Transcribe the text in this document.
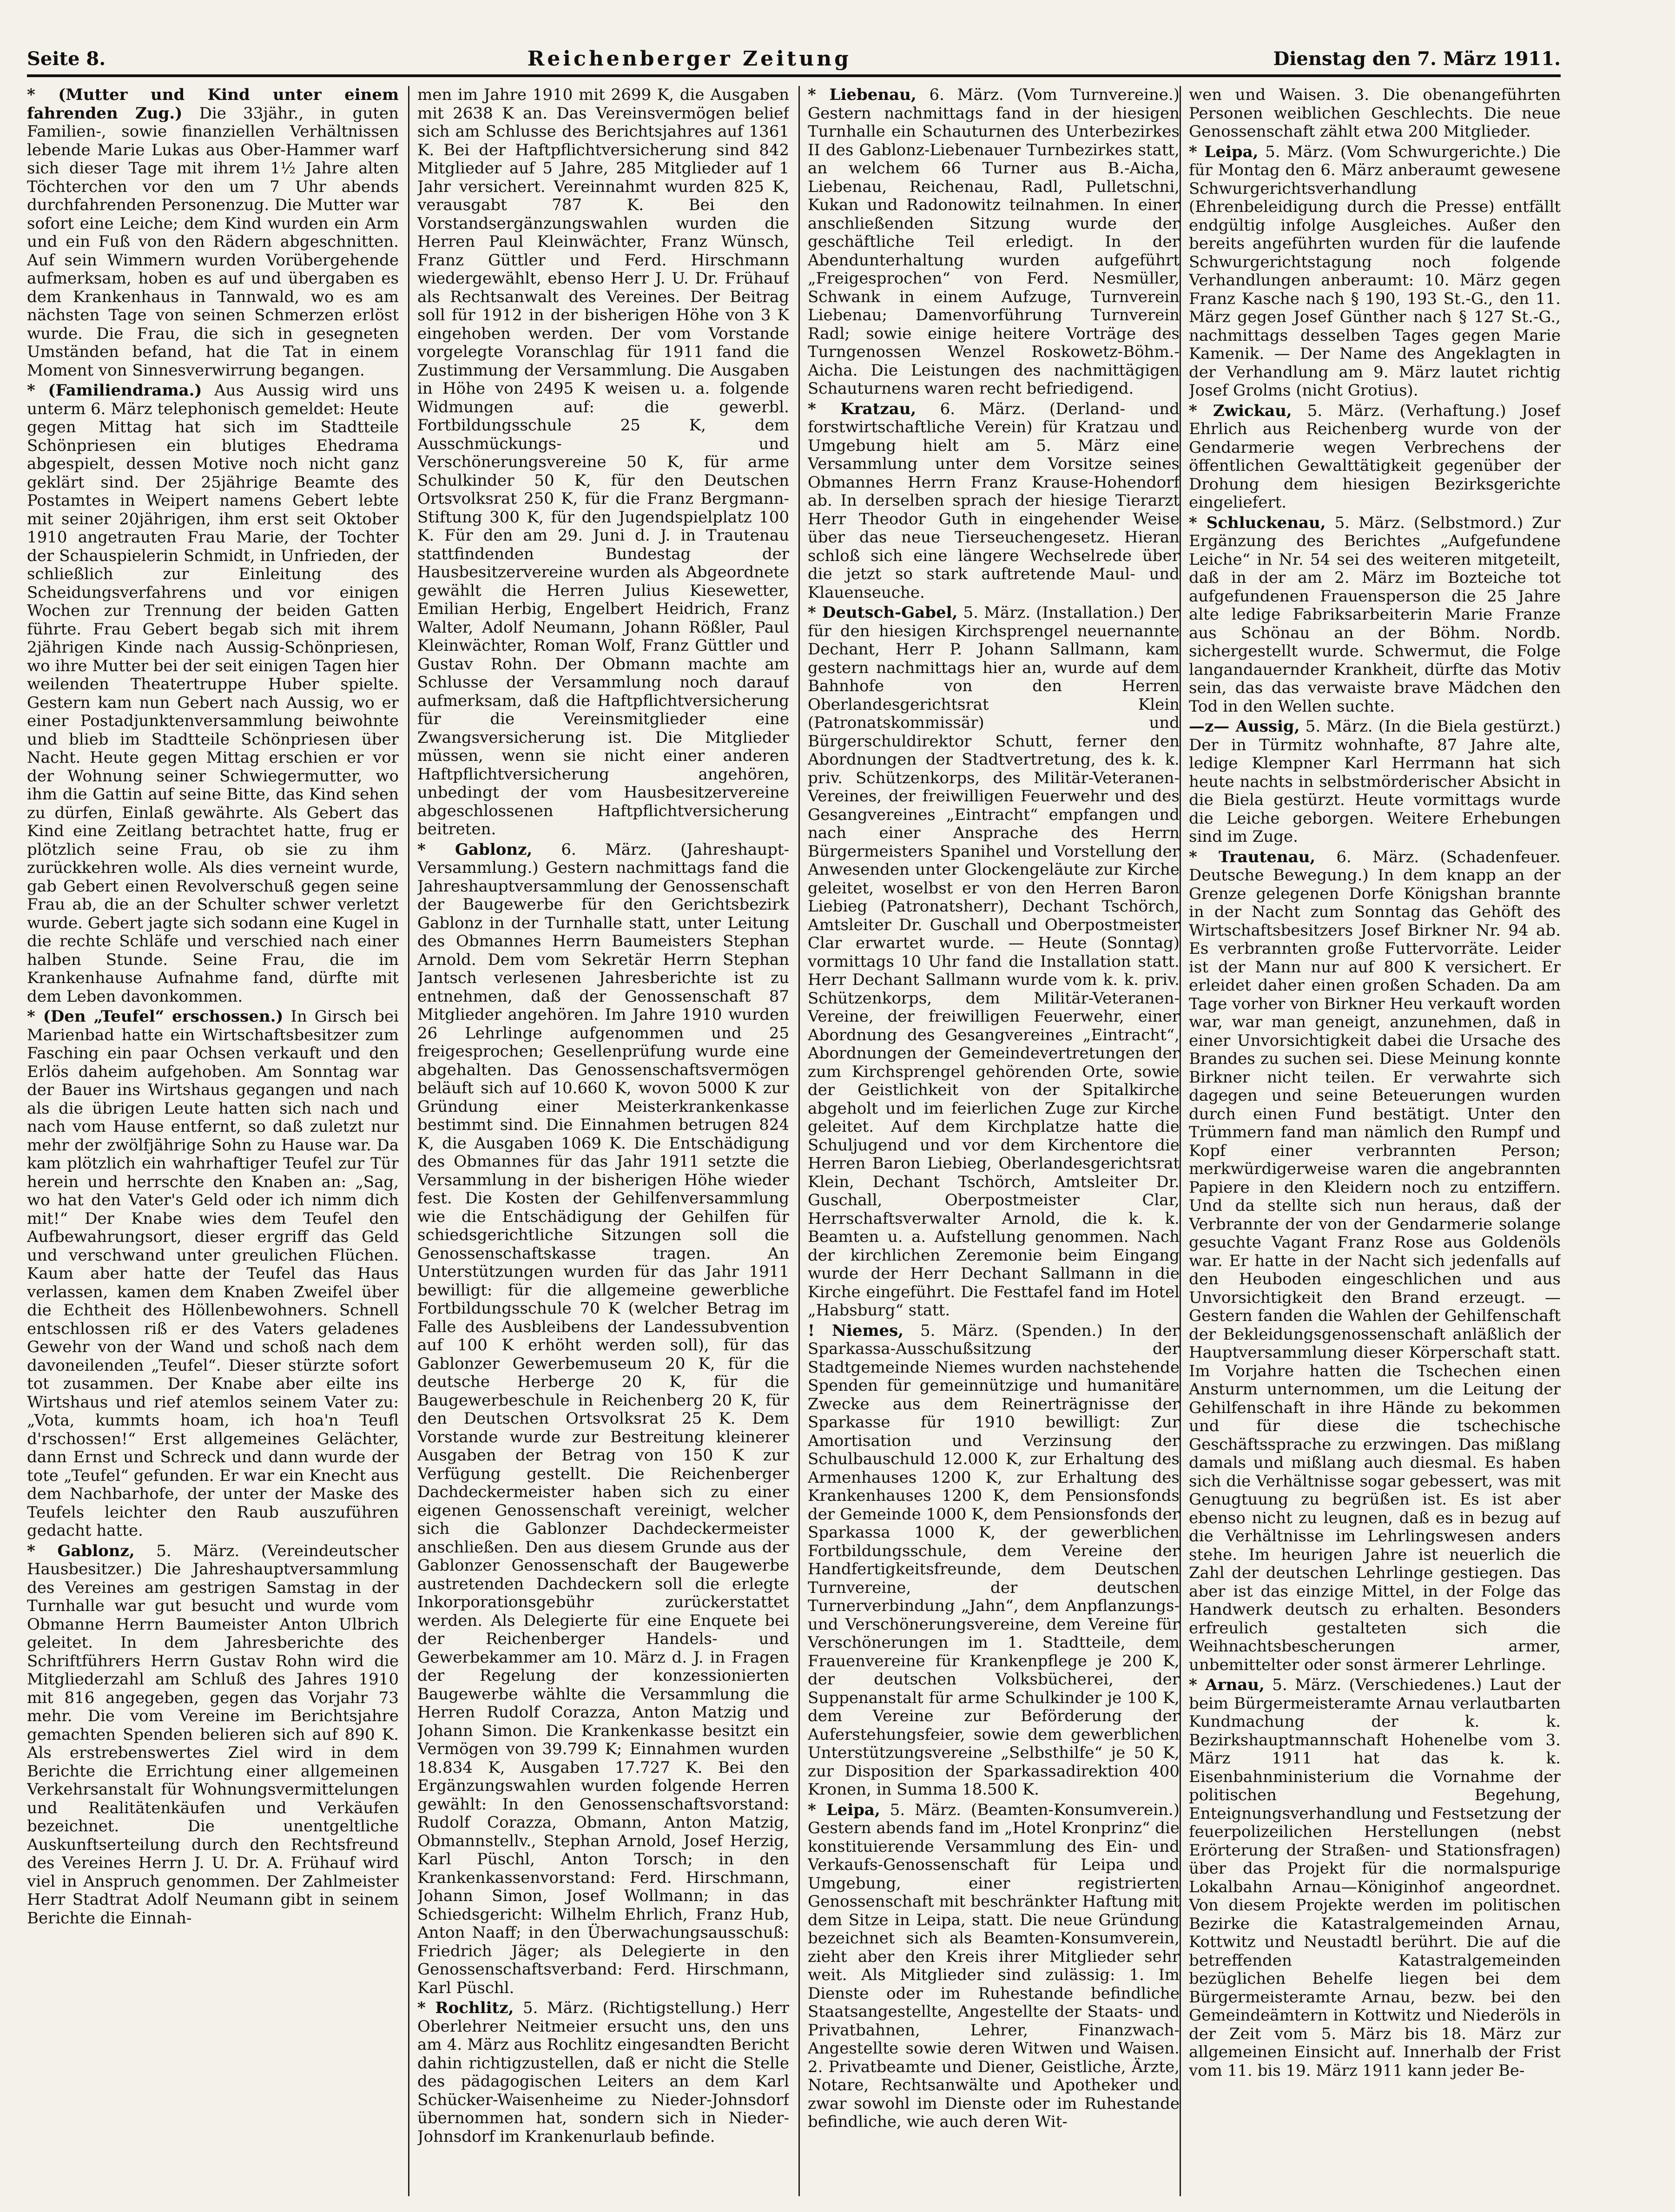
Seite 8.	Reichenberger Zeitung	Dienstag den 7. März 1911.

* (Mutter und Kind unter einem fahrenden Zug.) Die 33jähr., in guten Familien-, sowie finanziellen Verhältnissen lebende Marie Lukas aus Ober-Hammer warf sich dieser Tage mit ihrem 1½ Jahre alten Töchterchen vor den um 7 Uhr abends durchfahrenden Personenzug. Die Mutter war sofort eine Leiche; dem Kind wurden ein Arm und ein Fuß von den Rädern abgeschnitten. Auf sein Wimmern wurden Vorübergehende aufmerksam, hoben es auf und übergaben es dem Krankenhaus in Tannwald, wo es am nächsten Tage von seinen Schmerzen erlöst wurde. Die Frau, die sich in gesegneten Umständen befand, hat die Tat in einem Moment von Sinnesverwirrung begangen.

* (Familiendrama.) Aus Aussig wird uns unterm 6. März telephonisch gemeldet: Heute gegen Mittag hat sich im Stadtteile Schönpriesen ein blutiges Ehedrama abgespielt, dessen Motive noch nicht ganz geklärt sind. Der 25jährige Beamte des Postamtes in Weipert namens Gebert lebte mit seiner 20jährigen, ihm erst seit Oktober 1910 angetrauten Frau Marie, der Tochter der Schauspielerin Schmidt, in Unfrieden, der schließlich zur Einleitung des Scheidungsverfahrens und vor einigen Wochen zur Trennung der beiden Gatten führte. Frau Gebert begab sich mit ihrem 2jährigen Kinde nach Aussig-Schönpriesen, wo ihre Mutter bei der seit einigen Tagen hier weilenden Theatertruppe Huber spielte. Gestern kam nun Gebert nach Aussig, wo er einer Postadjunktenversammlung beiwohnte und blieb im Stadtteile Schönpriesen über Nacht. Heute gegen Mittag erschien er vor der Wohnung seiner Schwiegermutter, wo ihm die Gattin auf seine Bitte, das Kind sehen zu dürfen, Einlaß gewährte. Als Gebert das Kind eine Zeitlang betrachtet hatte, frug er plötzlich seine Frau, ob sie zu ihm zurückkehren wolle. Als dies verneint wurde, gab Gebert einen Revolverschuß gegen seine Frau ab, die an der Schulter schwer verletzt wurde. Gebert jagte sich sodann eine Kugel in die rechte Schläfe und verschied nach einer halben Stunde. Seine Frau, die im Krankenhause Aufnahme fand, dürfte mit dem Leben davonkommen.

* (Den „Teufel“ erschossen.) In Girsch bei Marienbad hatte ein Wirtschaftsbesitzer zum Fasching ein paar Ochsen verkauft und den Erlös daheim aufgehoben. Am Sonntag war der Bauer ins Wirtshaus gegangen und nach als die übrigen Leute hatten sich nach und nach vom Hause entfernt, so daß zuletzt nur mehr der zwölfjährige Sohn zu Hause war. Da kam plötzlich ein wahrhaftiger Teufel zur Tür herein und herrschte den Knaben an: „Sag, wo hat den Vater's Geld oder ich nimm dich mit!“ Der Knabe wies dem Teufel den Aufbewahrungsort, dieser ergriff das Geld und verschwand unter greulichen Flüchen. Kaum aber hatte der Teufel das Haus verlassen, kamen dem Knaben Zweifel über die Echtheit des Höllenbewohners. Schnell entschlossen riß er des Vaters geladenes Gewehr von der Wand und schoß nach dem davoneilenden „Teufel“. Dieser stürzte sofort tot zusammen. Der Knabe aber eilte ins Wirtshaus und rief atemlos seinem Vater zu: „Vota, kummts hoam, ich hoa'n Teufl d'rschossen!“ Erst allgemeines Gelächter, dann Ernst und Schreck und dann wurde der tote „Teufel“ gefunden. Er war ein Knecht aus dem Nachbarhofe, der unter der Maske des Teufels leichter den Raub auszuführen gedacht hatte.

* Gablonz, 5. März. (Vereindeutscher Hausbesitzer.) Die Jahreshauptversammlung des Vereines am gestrigen Samstag in der Turnhalle war gut besucht und wurde vom Obmanne Herrn Baumeister Anton Ulbrich geleitet. In dem Jahresberichte des Schriftführers Herrn Gustav Rohn wird die Mitgliederzahl am Schluß des Jahres 1910 mit 816 angegeben, gegen das Vorjahr 73 mehr. Die vom Vereine im Berichtsjahre gemachten Spenden belieren sich auf 890 K. Als erstrebenswertes Ziel wird in dem Berichte die Errichtung einer allgemeinen Verkehrsanstalt für Wohnungsvermittelungen und Realitätenkäufen und Verkäufen bezeichnet. Die unentgeltliche Auskunftserteilung durch den Rechtsfreund des Vereines Herrn J. U. Dr. A. Frühauf wird viel in Anspruch genommen. Der Zahlmeister Herr Stadtrat Adolf Neumann gibt in seinem Berichte die Einnah-

men im Jahre 1910 mit 2699 K, die Ausgaben mit 2638 K an. Das Vereinsvermögen belief sich am Schlusse des Berichtsjahres auf 1361 K. Bei der Haftpflichtversicherung sind 842 Mitglieder auf 5 Jahre, 285 Mitglieder auf 1 Jahr versichert. Vereinnahmt wurden 825 K, verausgabt 787 K. Bei den Vorstandsergänzungswahlen wurden die Herren Paul Kleinwächter, Franz Wünsch, Franz Güttler und Ferd. Hirschmann wiedergewählt, ebenso Herr J. U. Dr. Frühauf als Rechtsanwalt des Vereines. Der Beitrag soll für 1912 in der bisherigen Höhe von 3 K eingehoben werden. Der vom Vorstande vorgelegte Voranschlag für 1911 fand die Zustimmung der Versammlung. Die Ausgaben in Höhe von 2495 K weisen u. a. folgende Widmungen auf: die gewerbl. Fortbildungsschule 25 K, dem Ausschmückungs- und Verschönerungsvereine 50 K, für arme Schulkinder 50 K, für den Deutschen Ortsvolksrat 250 K, für die Franz Bergmann-Stiftung 300 K, für den Jugendspielplatz 100 K. Für den am 29. Juni d. J. in Trautenau stattfindenden Bundestag der Hausbesitzervereine wurden als Abgeordnete gewählt die Herren Julius Kiesewetter, Emilian Herbig, Engelbert Heidrich, Franz Walter, Adolf Neumann, Johann Rößler, Paul Kleinwächter, Roman Wolf, Franz Güttler und Gustav Rohn. Der Obmann machte am Schlusse der Versammlung noch darauf aufmerksam, daß die Haftpflichtversicherung für die Vereinsmitglieder eine Zwangsversicherung ist. Die Mitglieder müssen, wenn sie nicht einer anderen Haftpflichtversicherung angehören, unbedingt der vom Hausbesitzervereine abgeschlossenen Haftpflichtversicherung beitreten.

* Gablonz, 6. März. (Jahreshaupt-Versammlung.) Gestern nachmittags fand die Jahreshauptversammlung der Genossenschaft der Baugewerbe für den Gerichtsbezirk Gablonz in der Turnhalle statt, unter Leitung des Obmannes Herrn Baumeisters Stephan Arnold. Dem vom Sekretär Herrn Stephan Jantsch verlesenen Jahresberichte ist zu entnehmen, daß der Genossenschaft 87 Mitglieder angehören. Im Jahre 1910 wurden 26 Lehrlinge aufgenommen und 25 freigesprochen; Gesellenprüfung wurde eine abgehalten. Das Genossenschaftsvermögen beläuft sich auf 10.660 K, wovon 5000 K zur Gründung einer Meisterkrankenkasse bestimmt sind. Die Einnahmen betrugen 824 K, die Ausgaben 1069 K. Die Entschädigung des Obmannes für das Jahr 1911 setzte die Versammlung in der bisherigen Höhe wieder fest. Die Kosten der Gehilfenversammlung wie die Entschädigung der Gehilfen für schiedsgerichtliche Sitzungen soll die Genossenschaftskasse tragen. An Unterstützungen wurden für das Jahr 1911 bewilligt: für die allgemeine gewerbliche Fortbildungsschule 70 K (welcher Betrag im Falle des Ausbleibens der Landessubvention auf 100 K erhöht werden soll), für das Gablonzer Gewerbemuseum 20 K, für die deutsche Herberge 20 K, für die Baugewerbeschule in Reichenberg 20 K, für den Deutschen Ortsvolksrat 25 K. Dem Vorstande wurde zur Bestreitung kleinerer Ausgaben der Betrag von 150 K zur Verfügung gestellt. Die Reichenberger Dachdeckermeister haben sich zu einer eigenen Genossenschaft vereinigt, welcher sich die Gablonzer Dachdeckermeister anschließen. Den aus diesem Grunde aus der Gablonzer Genossenschaft der Baugewerbe austretenden Dachdeckern soll die erlegte Inkorporationsgebühr zurückerstattet werden. Als Delegierte für eine Enquete bei der Reichenberger Handels- und Gewerbekammer am 10. März d. J. in Fragen der Regelung der konzessionierten Baugewerbe wählte die Versammlung die Herren Rudolf Corazza, Anton Matzig und Johann Simon. Die Krankenkasse besitzt ein Vermögen von 39.799 K; Einnahmen wurden 18.834 K, Ausgaben 17.727 K. Bei den Ergänzungswahlen wurden folgende Herren gewählt: In den Genossenschaftsvorstand: Rudolf Corazza, Obmann, Anton Matzig, Obmannstellv., Stephan Arnold, Josef Herzig, Karl Püschl, Anton Torsch; in den Krankenkassenvorstand: Ferd. Hirschmann, Johann Simon, Josef Wollmann; in das Schiedsgericht: Wilhelm Ehrlich, Franz Hub, Anton Naaff; in den Überwachungsausschuß: Friedrich Jäger; als Delegierte in den Genossenschaftsverband: Ferd. Hirschmann, Karl Püschl.

* Rochlitz, 5. März. (Richtigstellung.) Herr Oberlehrer Neitmeier ersucht uns, den uns am 4. März aus Rochlitz eingesandten Bericht dahin richtigzustellen, daß er nicht die Stelle des pädagogischen Leiters an dem Karl Schücker-Waisenheime zu Nieder-Johnsdorf übernommen hat, sondern sich in Nieder-Johnsdorf im Krankenurlaub befinde.

* Liebenau, 6. März. (Vom Turnvereine.) Gestern nachmittags fand in der hiesigen Turnhalle ein Schauturnen des Unterbezirkes II des Gablonz-Liebenauer Turnbezirkes statt, an welchem 66 Turner aus B.-Aicha, Liebenau, Reichenau, Radl, Pulletschni, Kukan und Radonowitz teilnahmen. In einer anschließenden Sitzung wurde der geschäftliche Teil erledigt. In der Abendunterhaltung wurden aufgeführt „Freigesprochen“ von Ferd. Nesmüller, Schwank in einem Aufzuge, Turnverein Liebenau; Damenvorführung Turnverein Radl; sowie einige heitere Vorträge des Turngenossen Wenzel Roskowetz-Böhm.-Aicha. Die Leistungen des nachmittägigen Schauturnens waren recht befriedigend.

* Kratzau, 6. März. (Derland- und forstwirtschaftliche Verein) für Kratzau und Umgebung hielt am 5. März eine Versammlung unter dem Vorsitze seines Obmannes Herrn Franz Krause-Hohendorf ab. In derselben sprach der hiesige Tierarzt Herr Theodor Guth in eingehender Weise über das neue Tierseuchengesetz. Hieran schloß sich eine längere Wechselrede über die jetzt so stark auftretende Maul- und Klauenseuche.

* Deutsch-Gabel, 5. März. (Installation.) Der für den hiesigen Kirchsprengel neuernannte Dechant, Herr P. Johann Sallmann, kam gestern nachmittags hier an, wurde auf dem Bahnhofe von den Herren Oberlandesgerichtsrat Klein (Patronatskommissär) und Bürgerschuldirektor Schutt, ferner den Abordnungen der Stadtvertretung, des k. k. priv. Schützenkorps, des Militär-Veteranen-Vereines, der freiwilligen Feuerwehr und des Gesangvereines „Eintracht“ empfangen und nach einer Ansprache des Herrn Bürgermeisters Spanihel und Vorstellung der Anwesenden unter Glockengeläute zur Kirche geleitet, woselbst er von den Herren Baron Liebieg (Patronatsherr), Dechant Tschörch, Amtsleiter Dr. Guschall und Oberpostmeister Clar erwartet wurde. — Heute (Sonntag) vormittags 10 Uhr fand die Installation statt. Herr Dechant Sallmann wurde vom k. k. priv. Schützenkorps, dem Militär-Veteranen-Vereine, der freiwilligen Feuerwehr, einer Abordnung des Gesangvereines „Eintracht“, Abordnungen der Gemeindevertretungen der zum Kirchsprengel gehörenden Orte, sowie der Geistlichkeit von der Spitalkirche abgeholt und im feierlichen Zuge zur Kirche geleitet. Auf dem Kirchplatze hatte die Schuljugend und vor dem Kirchentore die Herren Baron Liebieg, Oberlandesgerichtsrat Klein, Dechant Tschörch, Amtsleiter Dr. Guschall, Oberpostmeister Clar, Herrschaftsverwalter Arnold, die k. k. Beamten u. a. Aufstellung genommen. Nach der kirchlichen Zeremonie beim Eingang wurde der Herr Dechant Sallmann in die Kirche eingeführt. Die Festtafel fand im Hotel „Habsburg“ statt.

! Niemes, 5. März. (Spenden.) In der Sparkassa-Ausschußsitzung der Stadtgemeinde Niemes wurden nachstehende Spenden für gemeinnützige und humanitäre Zwecke aus dem Reinerträgnisse der Sparkasse für 1910 bewilligt: Zur Amortisation und Verzinsung der Schulbauschuld 12.000 K, zur Erhaltung des Armenhauses 1200 K, zur Erhaltung des Krankenhauses 1200 K, dem Pensionsfonds der Gemeinde 1000 K, dem Pensionsfonds der Sparkassa 1000 K, der gewerblichen Fortbildungsschule, dem Vereine der Handfertigkeitsfreunde, dem Deutschen Turnvereine, der deutschen Turnerverbindung „Jahn“, dem Anpflanzungs- und Verschönerungsvereine, dem Vereine für Verschönerungen im 1. Stadtteile, dem Frauenvereine für Krankenpflege je 200 K, der deutschen Volksbücherei, der Suppenanstalt für arme Schulkinder je 100 K, dem Vereine zur Beförderung der Auferstehungsfeier, sowie dem gewerblichen Unterstützungsvereine „Selbsthilfe“ je 50 K, zur Disposition der Sparkassadirektion 400 Kronen, in Summa 18.500 K.

* Leipa, 5. März. (Beamten-Konsumverein.) Gestern abends fand im „Hotel Kronprinz“ die konstituierende Versammlung des Ein- und Verkaufs-Genossenschaft für Leipa und Umgebung, einer registrierten Genossenschaft mit beschränkter Haftung mit dem Sitze in Leipa, statt. Die neue Gründung bezeichnet sich als Beamten-Konsumverein, zieht aber den Kreis ihrer Mitglieder sehr weit. Als Mitglieder sind zulässig: 1. Im Dienste oder im Ruhestande befindliche Staatsangestellte, Angestellte der Staats- und Privatbahnen, Lehrer, Finanzwach-Angestellte sowie deren Witwen und Waisen. 2. Privatbeamte und Diener, Geistliche, Ärzte, Notare, Rechtsanwälte und Apotheker und zwar sowohl im Dienste oder im Ruhestande befindliche, wie auch deren Wit-

wen und Waisen. 3. Die obenangeführten Personen weiblichen Geschlechts. Die neue Genossenschaft zählt etwa 200 Mitglieder.

* Leipa, 5. März. (Vom Schwurgerichte.) Die für Montag den 6. März anberaumt gewesene Schwurgerichtsverhandlung (Ehrenbeleidigung durch die Presse) entfällt endgültig infolge Ausgleiches. Außer den bereits angeführten wurden für die laufende Schwurgerichtstagung noch folgende Verhandlungen anberaumt: 10. März gegen Franz Kasche nach § 190, 193 St.-G., den 11. März gegen Josef Günther nach § 127 St.-G., nachmittags desselben Tages gegen Marie Kamenik. — Der Name des Angeklagten in der Verhandlung am 9. März lautet richtig Josef Grolms (nicht Grotius).

* Zwickau, 5. März. (Verhaftung.) Josef Ehrlich aus Reichenberg wurde von der Gendarmerie wegen Verbrechens der öffentlichen Gewalttätigkeit gegenüber der Drohung dem hiesigen Bezirksgerichte eingeliefert.

* Schluckenau, 5. März. (Selbstmord.) Zur Ergänzung des Berichtes „Aufgefundene Leiche“ in Nr. 54 sei des weiteren mitgeteilt, daß in der am 2. März im Bozteiche tot aufgefundenen Frauensperson die 25 Jahre alte ledige Fabriksarbeiterin Marie Franze aus Schönau an der Böhm. Nordb. sichergestellt wurde. Schwermut, die Folge langandauernder Krankheit, dürfte das Motiv sein, das das verwaiste brave Mädchen den Tod in den Wellen suchte.

—z— Aussig, 5. März. (In die Biela gestürzt.) Der in Türmitz wohnhafte, 87 Jahre alte, ledige Klempner Karl Herrmann hat sich heute nachts in selbstmörderischer Absicht in die Biela gestürzt. Heute vormittags wurde die Leiche geborgen. Weitere Erhebungen sind im Zuge.

* Trautenau, 6. März. (Schadenfeuer. Deutsche Bewegung.) In dem knapp an der Grenze gelegenen Dorfe Königshan brannte in der Nacht zum Sonntag das Gehöft des Wirtschaftsbesitzers Josef Birkner Nr. 94 ab. Es verbrannten große Futtervorräte. Leider ist der Mann nur auf 800 K versichert. Er erleidet daher einen großen Schaden. Da am Tage vorher von Birkner Heu verkauft worden war, war man geneigt, anzunehmen, daß in einer Unvorsichtigkeit dabei die Ursache des Brandes zu suchen sei. Diese Meinung konnte Birkner nicht teilen. Er verwahrte sich dagegen und seine Beteuerungen wurden durch einen Fund bestätigt. Unter den Trümmern fand man nämlich den Rumpf und Kopf einer verbrannten Person; merkwürdigerweise waren die angebrannten Papiere in den Kleidern noch zu entziffern. Und da stellte sich nun heraus, daß der Verbrannte der von der Gendarmerie solange gesuchte Vagant Franz Rose aus Goldenöls war. Er hatte in der Nacht sich jedenfalls auf den Heuboden eingeschlichen und aus Unvorsichtigkeit den Brand erzeugt. — Gestern fanden die Wahlen der Gehilfenschaft der Bekleidungsgenossenschaft anläßlich der Hauptversammlung dieser Körperschaft statt. Im Vorjahre hatten die Tschechen einen Ansturm unternommen, um die Leitung der Gehilfenschaft in ihre Hände zu bekommen und für diese die tschechische Geschäftssprache zu erzwingen. Das mißlang damals und mißlang auch diesmal. Es haben sich die Verhältnisse sogar gebessert, was mit Genugtuung zu begrüßen ist. Es ist aber ebenso nicht zu leugnen, daß es in bezug auf die Verhältnisse im Lehrlingswesen anders stehe. Im heurigen Jahre ist neuerlich die Zahl der deutschen Lehrlinge gestiegen. Das aber ist das einzige Mittel, in der Folge das Handwerk deutsch zu erhalten. Besonders erfreulich gestalteten sich die Weihnachtsbescherungen armer, unbemittelter oder sonst ärmerer Lehrlinge.

* Arnau, 5. März. (Verschiedenes.) Laut der beim Bürgermeisteramte Arnau verlautbarten Kundmachung der k. k. Bezirkshauptmannschaft Hohenelbe vom 3. März 1911 hat das k. k. Eisenbahnministerium die Vornahme der politischen Begehung, Enteignungsverhandlung und Festsetzung der feuerpolizeilichen Herstellungen (nebst Erörterung der Straßen- und Stationsfragen) über das Projekt für die normalspurige Lokalbahn Arnau—Königinhof angeordnet. Von diesem Projekte werden im politischen Bezirke die Katastralgemeinden Arnau, Kottwitz und Neustadtl berührt. Die auf die betreffenden Katastralgemeinden bezüglichen Behelfe liegen bei dem Bürgermeisteramte Arnau, bezw. bei den Gemeindeämtern in Kottwitz und Niederöls in der Zeit vom 5. März bis 18. März zur allgemeinen Einsicht auf. Innerhalb der Frist vom 11. bis 19. März 1911 kann jeder Be-
